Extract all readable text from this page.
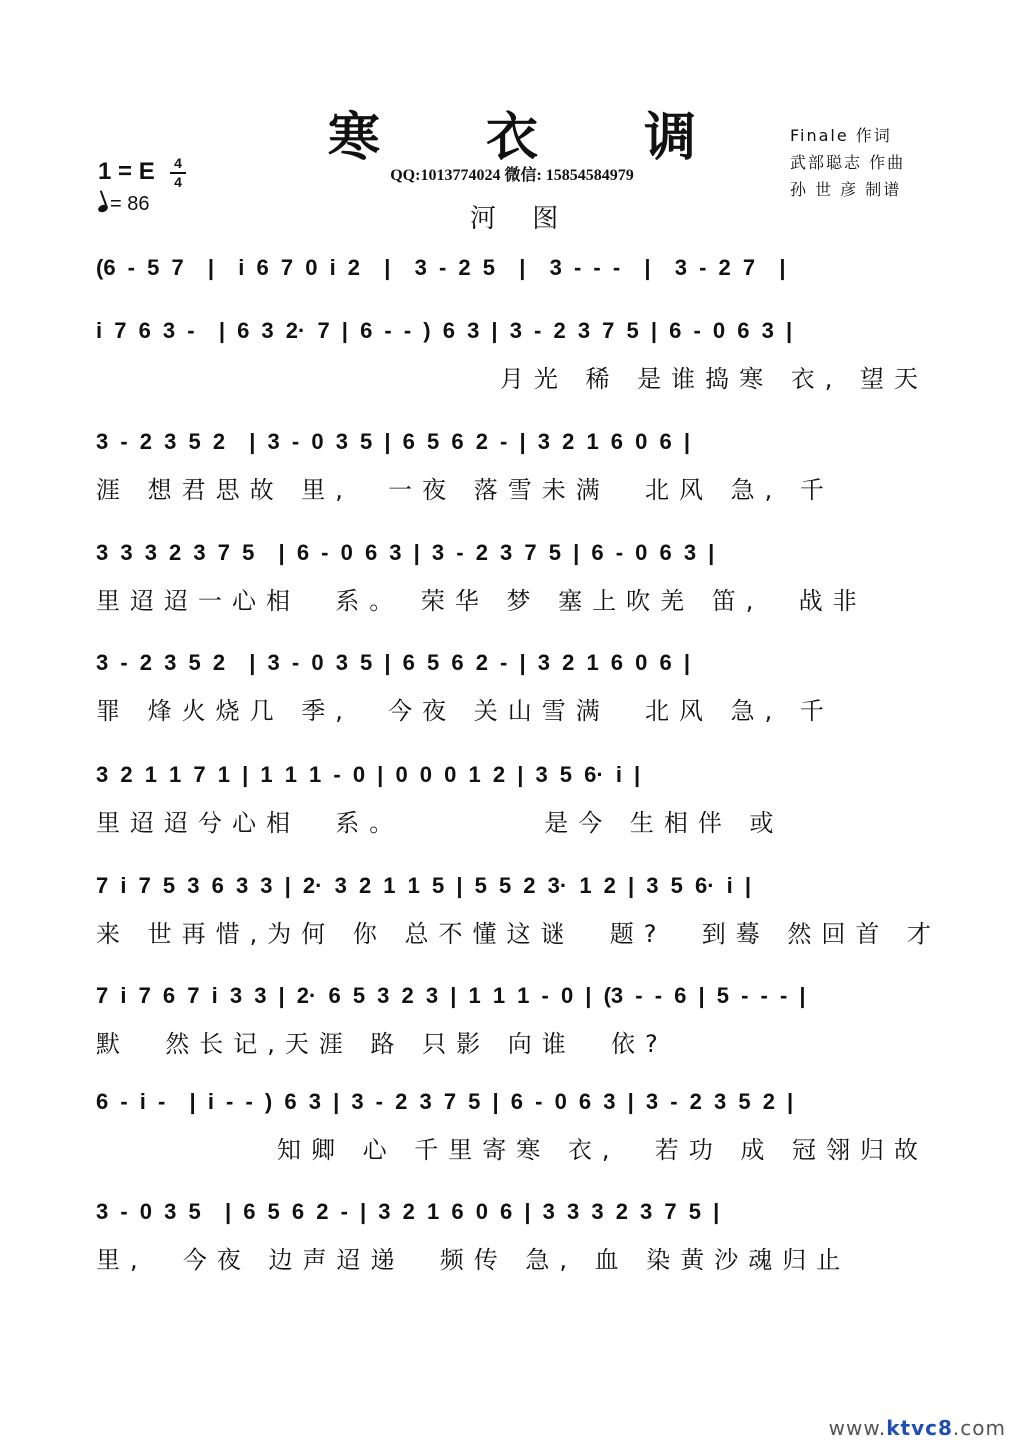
寒 衣 调
QQ:1013774024 微信: 15854584979
1 = E 4
4
= 86	河 图
Finale 作词
武部聪志 作曲
孙 世 彦 制谱
(6 - 5 7  |  i 6 7 0 i 2  |  3 - 2 5  |  3 - - -  |  3 - 2 7  |
i 7 6 3 -  | 6 3 2· 7 | 6 - - ) 6 3 | 3 - 2 3 7 5 | 6 - 0 6 3 |
月光 稀 是谁捣寒 衣, 望天
3 - 2 3 5 2  | 3 - 0 3 5 | 6 5 6 2 - | 3 2 1 6 0 6 |
涯 想君思故 里,  一夜 落雪未满  北风 急, 千
3 3 3 2 3 7 5  | 6 - 0 6 3 | 3 - 2 3 7 5 | 6 - 0 6 3 |
里迢迢一心相  系。 荣华 梦 塞上吹羌 笛,  战非
3 - 2 3 5 2  | 3 - 0 3 5 | 6 5 6 2 - | 3 2 1 6 0 6 |
罪 烽火烧几 季,  今夜 关山雪满  北风 急, 千
3 2 1 1 7 1 | 1 1 1 - 0 | 0 0 0 1 2 | 3 5 6· i |
里迢迢兮心相  系。        是今 生相伴 或
7 i 7 5 3 6 3 3 | 2· 3 2 1 1 5 | 5 5 2 3· 1 2 | 3 5 6· i |
来 世再惜,为何 你 总不懂这谜  题?  到蓦 然回首 才
7 i 7 6 7 i 3 3 | 2· 6 5 3 2 3 | 1 1 1 - 0 | (3 - - 6 | 5 - - - |
默  然长记,天涯 路 只影 向谁  依?
6 - i -  | i - - ) 6 3 | 3 - 2 3 7 5 | 6 - 0 6 3 | 3 - 2 3 5 2 |
知卿 心 千里寄寒 衣,  若功 成 冠翎归故
3 - 0 3 5  | 6 5 6 2 - | 3 2 1 6 0 6 | 3 3 3 2 3 7 5 |
里,  今夜 边声迢递  频传 急, 血 染黄沙魂归止
www.ktvc8.com
